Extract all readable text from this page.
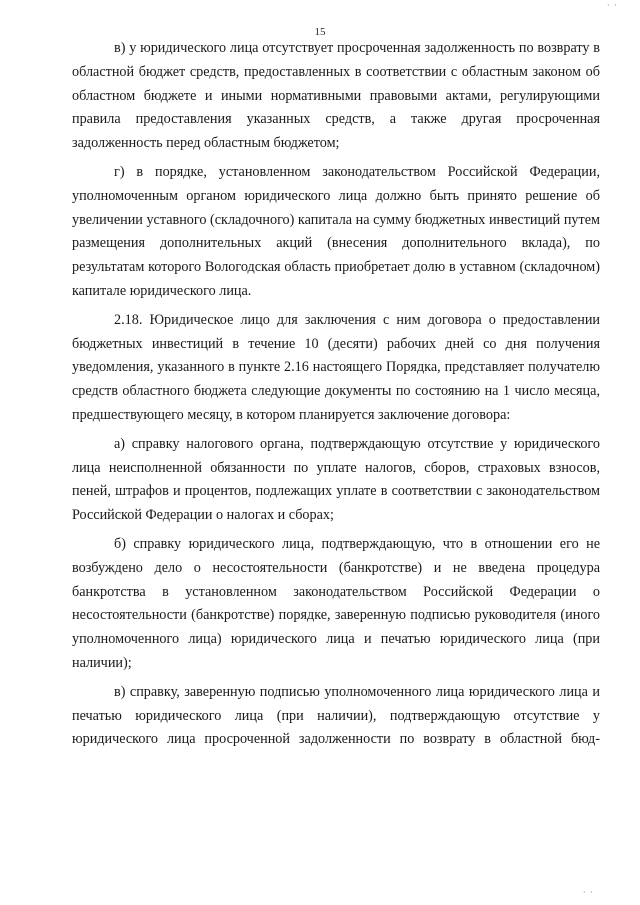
· ·
15

в) у юридического лица отсутствует просроченная задолженность по возврату в областной бюджет средств, предоставленных в соответствии с областным законом об областном бюджете и иными нормативными правовыми актами, регулирующими правила предоставления указанных средств, а также другая просроченная задолженность перед областным бюджетом;

г) в порядке, установленном законодательством Российской Федерации, уполномоченным органом юридического лица должно быть принято решение об увеличении уставного (складочного) капитала на сумму бюджетных инвестиций путем размещения дополнительных акций (внесения дополнительного вклада), по результатам которого Вологодская область приобретает долю в уставном (складочном) капитале юридического лица.

2.18. Юридическое лицо для заключения с ним договора о предоставлении бюджетных инвестиций в течение 10 (десяти) рабочих дней со дня получения уведомления, указанного в пункте 2.16 настоящего Порядка, представляет получателю средств областного бюджета следующие документы по состоянию на 1 число месяца, предшествующего месяцу, в котором планируется заключение договора:

а) справку налогового органа, подтверждающую отсутствие у юридического лица неисполненной обязанности по уплате налогов, сборов, страховых взносов, пеней, штрафов и процентов, подлежащих уплате в соответствии с законодательством Российской Федерации о налогах и сборах;

б) справку юридического лица, подтверждающую, что в отношении его не возбуждено дело о несостоятельности (банкротстве) и не введена процедура банкротства в установленном законодательством Российской Федерации о несостоятельности (банкротстве) порядке, заверенную подписью руководителя (иного уполномоченного лица) юридического лица и печатью юридического лица (при наличии);

в) справку, заверенную подписью уполномоченного лица юридического лица и печатью юридического лица (при наличии), подтверждающую отсутствие у юридического лица просроченной задолженности по возврату в областной бюд-

· ·
